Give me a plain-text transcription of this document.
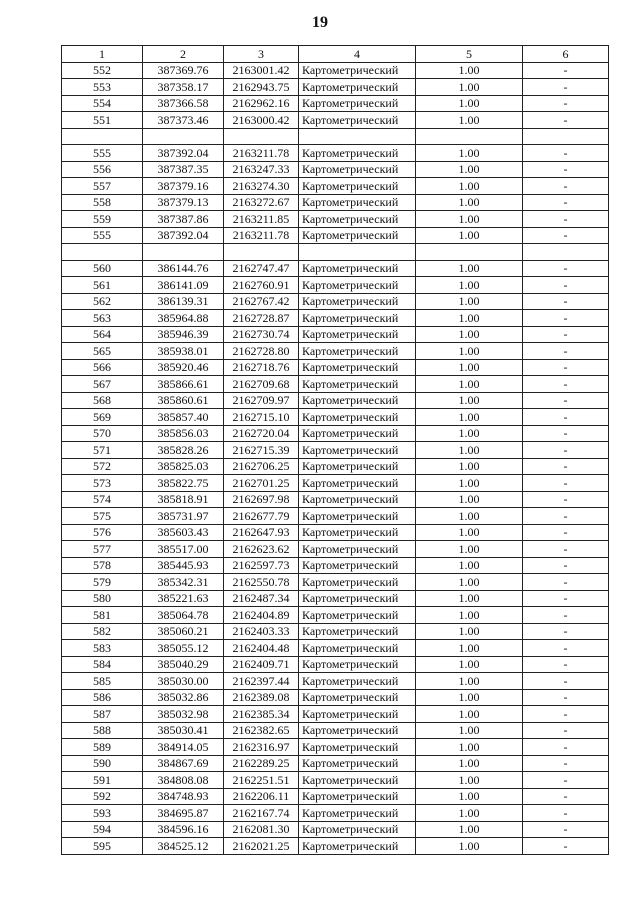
19
1	2	3	4	5	6
552	387369.76	2163001.42	Картометрический	1.00	-
553	387358.17	2162943.75	Картометрический	1.00	-
554	387366.58	2162962.16	Картометрический	1.00	-
551	387373.46	2163000.42	Картометрический	1.00	-

555	387392.04	2163211.78	Картометрический	1.00	-
556	387387.35	2163247.33	Картометрический	1.00	-
557	387379.16	2163274.30	Картометрический	1.00	-
558	387379.13	2163272.67	Картометрический	1.00	-
559	387387.86	2163211.85	Картометрический	1.00	-
555	387392.04	2163211.78	Картометрический	1.00	-

560	386144.76	2162747.47	Картометрический	1.00	-
561	386141.09	2162760.91	Картометрический	1.00	-
562	386139.31	2162767.42	Картометрический	1.00	-
563	385964.88	2162728.87	Картометрический	1.00	-
564	385946.39	2162730.74	Картометрический	1.00	-
565	385938.01	2162728.80	Картометрический	1.00	-
566	385920.46	2162718.76	Картометрический	1.00	-
567	385866.61	2162709.68	Картометрический	1.00	-
568	385860.61	2162709.97	Картометрический	1.00	-
569	385857.40	2162715.10	Картометрический	1.00	-
570	385856.03	2162720.04	Картометрический	1.00	-
571	385828.26	2162715.39	Картометрический	1.00	-
572	385825.03	2162706.25	Картометрический	1.00	-
573	385822.75	2162701.25	Картометрический	1.00	-
574	385818.91	2162697.98	Картометрический	1.00	-
575	385731.97	2162677.79	Картометрический	1.00	-
576	385603.43	2162647.93	Картометрический	1.00	-
577	385517.00	2162623.62	Картометрический	1.00	-
578	385445.93	2162597.73	Картометрический	1.00	-
579	385342.31	2162550.78	Картометрический	1.00	-
580	385221.63	2162487.34	Картометрический	1.00	-
581	385064.78	2162404.89	Картометрический	1.00	-
582	385060.21	2162403.33	Картометрический	1.00	-
583	385055.12	2162404.48	Картометрический	1.00	-
584	385040.29	2162409.71	Картометрический	1.00	-
585	385030.00	2162397.44	Картометрический	1.00	-
586	385032.86	2162389.08	Картометрический	1.00	-
587	385032.98	2162385.34	Картометрический	1.00	-
588	385030.41	2162382.65	Картометрический	1.00	-
589	384914.05	2162316.97	Картометрический	1.00	-
590	384867.69	2162289.25	Картометрический	1.00	-
591	384808.08	2162251.51	Картометрический	1.00	-
592	384748.93	2162206.11	Картометрический	1.00	-
593	384695.87	2162167.74	Картометрический	1.00	-
594	384596.16	2162081.30	Картометрический	1.00	-
595	384525.12	2162021.25	Картометрический	1.00	-
